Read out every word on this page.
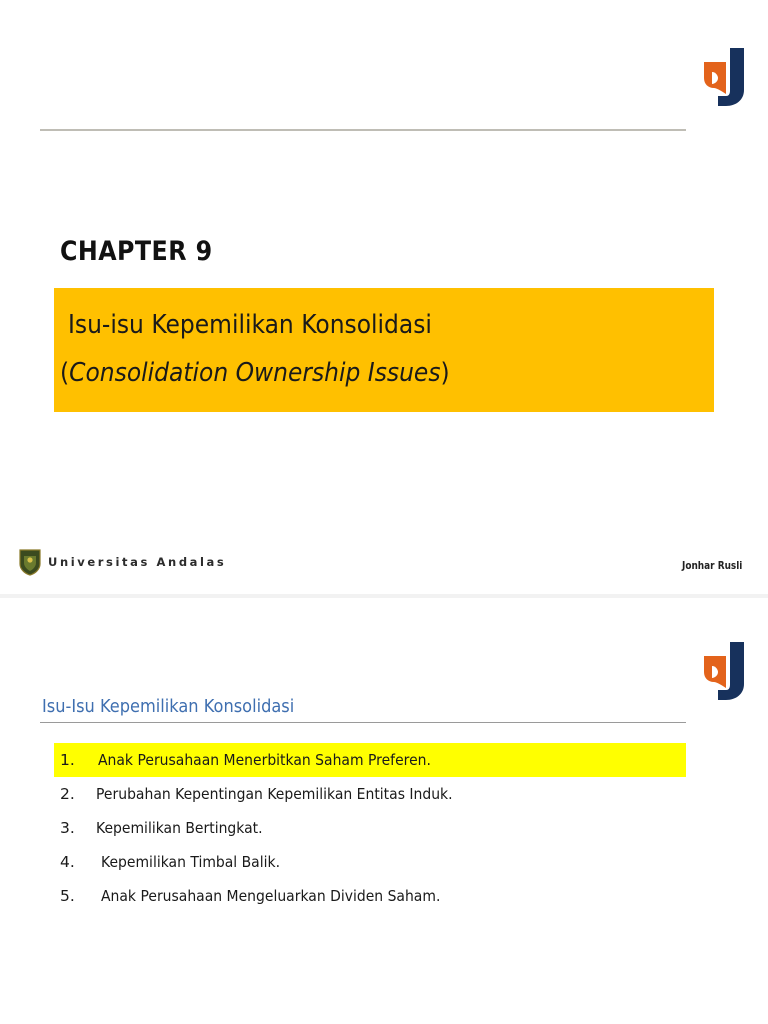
CHAPTER 9
Isu-isu Kepemilikan Konsolidasi
(Consolidation Ownership Issues)
Universitas Andalas	Jonhar Rusli
Isu-Isu Kepemilikan Konsolidasi
1. Anak Perusahaan Menerbitkan Saham Preferen.
2. Perubahan Kepentingan Kepemilikan Entitas Induk.
3. Kepemilikan Bertingkat.
4. Kepemilikan Timbal Balik.
5. Anak Perusahaan Mengeluarkan Dividen Saham.
